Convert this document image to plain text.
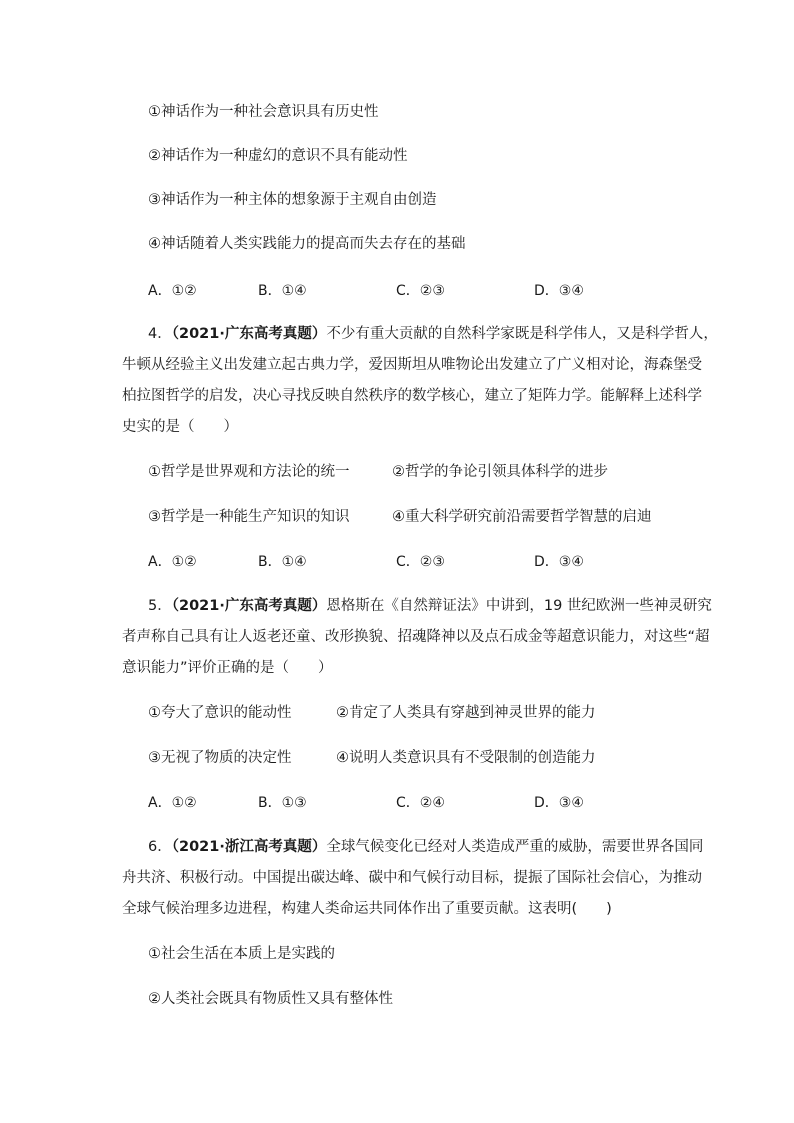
①神话作为一种社会意识具有历史性
②神话作为一种虚幻的意识不具有能动性
③神话作为一种主体的想象源于主观自由创造
④神话随着人类实践能力的提高而失去存在的基础
A．①②	B．①④	C．②③	D．③④
4．（2021·广东高考真题）不少有重大贡献的自然科学家既是科学伟人，又是科学哲人，
牛顿从经验主义出发建立起古典力学，爱因斯坦从唯物论出发建立了广义相对论，海森堡受
柏拉图哲学的启发，决心寻找反映自然秩序的数学核心，建立了矩阵力学。能解释上述科学
史实的是（　　）
①哲学是世界观和方法论的统一	②哲学的争论引领具体科学的进步
③哲学是一种能生产知识的知识	④重大科学研究前沿需要哲学智慧的启迪
A．①②	B．①④	C．②③	D．③④
5．（2021·广东高考真题）恩格斯在《自然辩证法》中讲到，19 世纪欧洲一些神灵研究
者声称自己具有让人返老还童、改形换貌、招魂降神以及点石成金等超意识能力，对这些“超
意识能力”评价正确的是（　　）
①夸大了意识的能动性	②肯定了人类具有穿越到神灵世界的能力
③无视了物质的决定性	④说明人类意识具有不受限制的创造能力
A．①②	B．①③	C．②④	D．③④
6．（2021·浙江高考真题）全球气候变化已经对人类造成严重的威胁，需要世界各国同
舟共济、积极行动。中国提出碳达峰、碳中和气候行动目标，提振了国际社会信心，为推动
全球气候治理多边进程，构建人类命运共同体作出了重要贡献。这表明(　　)
①社会生活在本质上是实践的
②人类社会既具有物质性又具有整体性
